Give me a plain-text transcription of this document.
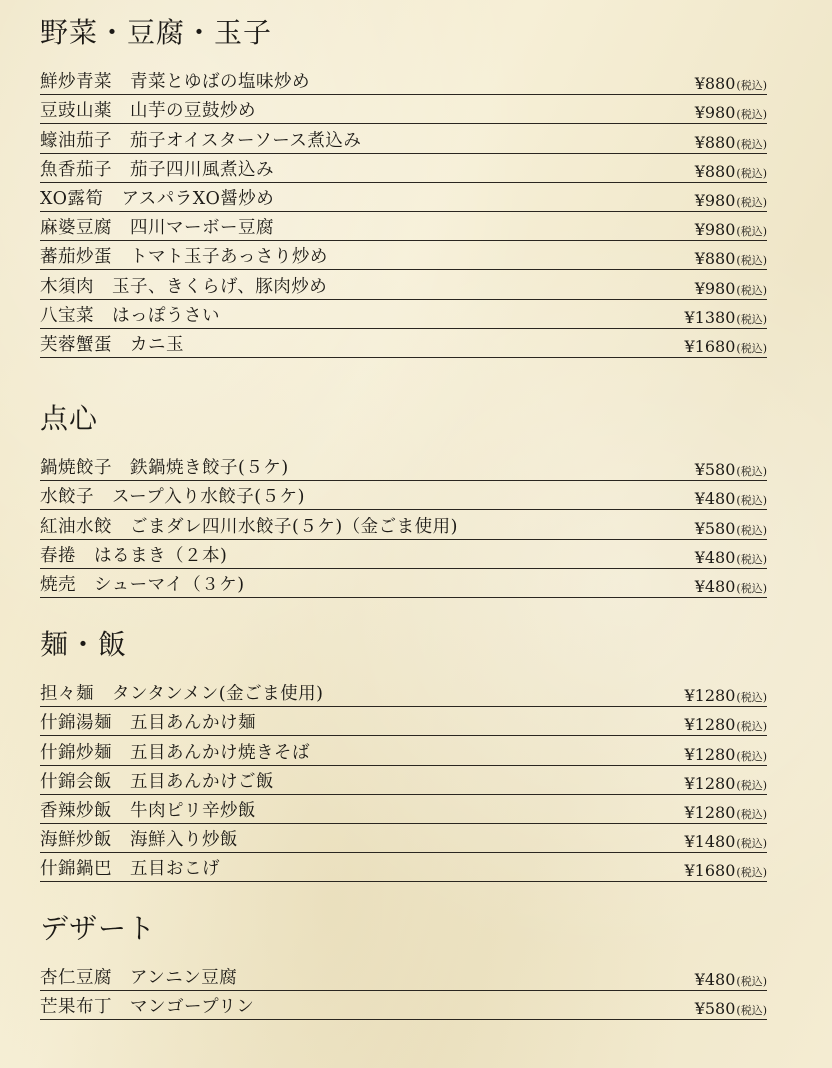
野菜・豆腐・玉子
鮮炒青菜　青菜とゆばの塩味炒め	¥880(税込)
豆豉山薬　山芋の豆鼓炒め	¥980(税込)
蠔油茄子　茄子オイスターソース煮込み	¥880(税込)
魚香茄子　茄子四川風煮込み	¥880(税込)
XO露筍　アスパラXO醤炒め	¥980(税込)
麻婆豆腐　四川マーボー豆腐	¥980(税込)
蕃茄炒蛋　トマト玉子あっさり炒め	¥880(税込)
木須肉　玉子、きくらげ、豚肉炒め	¥980(税込)
八宝菜　はっぽうさい	¥1380(税込)
芙蓉蟹蛋　カニ玉	¥1680(税込)
点心
鍋焼餃子　鉄鍋焼き餃子(５ケ)	¥580(税込)
水餃子　スープ入り水餃子(５ケ)	¥480(税込)
紅油水餃　ごまダレ四川水餃子(５ケ)（金ごま使用)	¥580(税込)
春捲　はるまき（２本)	¥480(税込)
焼売　シューマイ（３ケ)	¥480(税込)
麺・飯
担々麺　タンタンメン(金ごま使用)	¥1280(税込)
什錦湯麺　五目あんかけ麺	¥1280(税込)
什錦炒麺　五目あんかけ焼きそば	¥1280(税込)
什錦会飯　五目あんかけご飯	¥1280(税込)
香辣炒飯　牛肉ピリ辛炒飯	¥1280(税込)
海鮮炒飯　海鮮入り炒飯	¥1480(税込)
什錦鍋巴　五目おこげ	¥1680(税込)
デザート
杏仁豆腐　アンニン豆腐	¥480(税込)
芒果布丁　マンゴープリン	¥580(税込)
